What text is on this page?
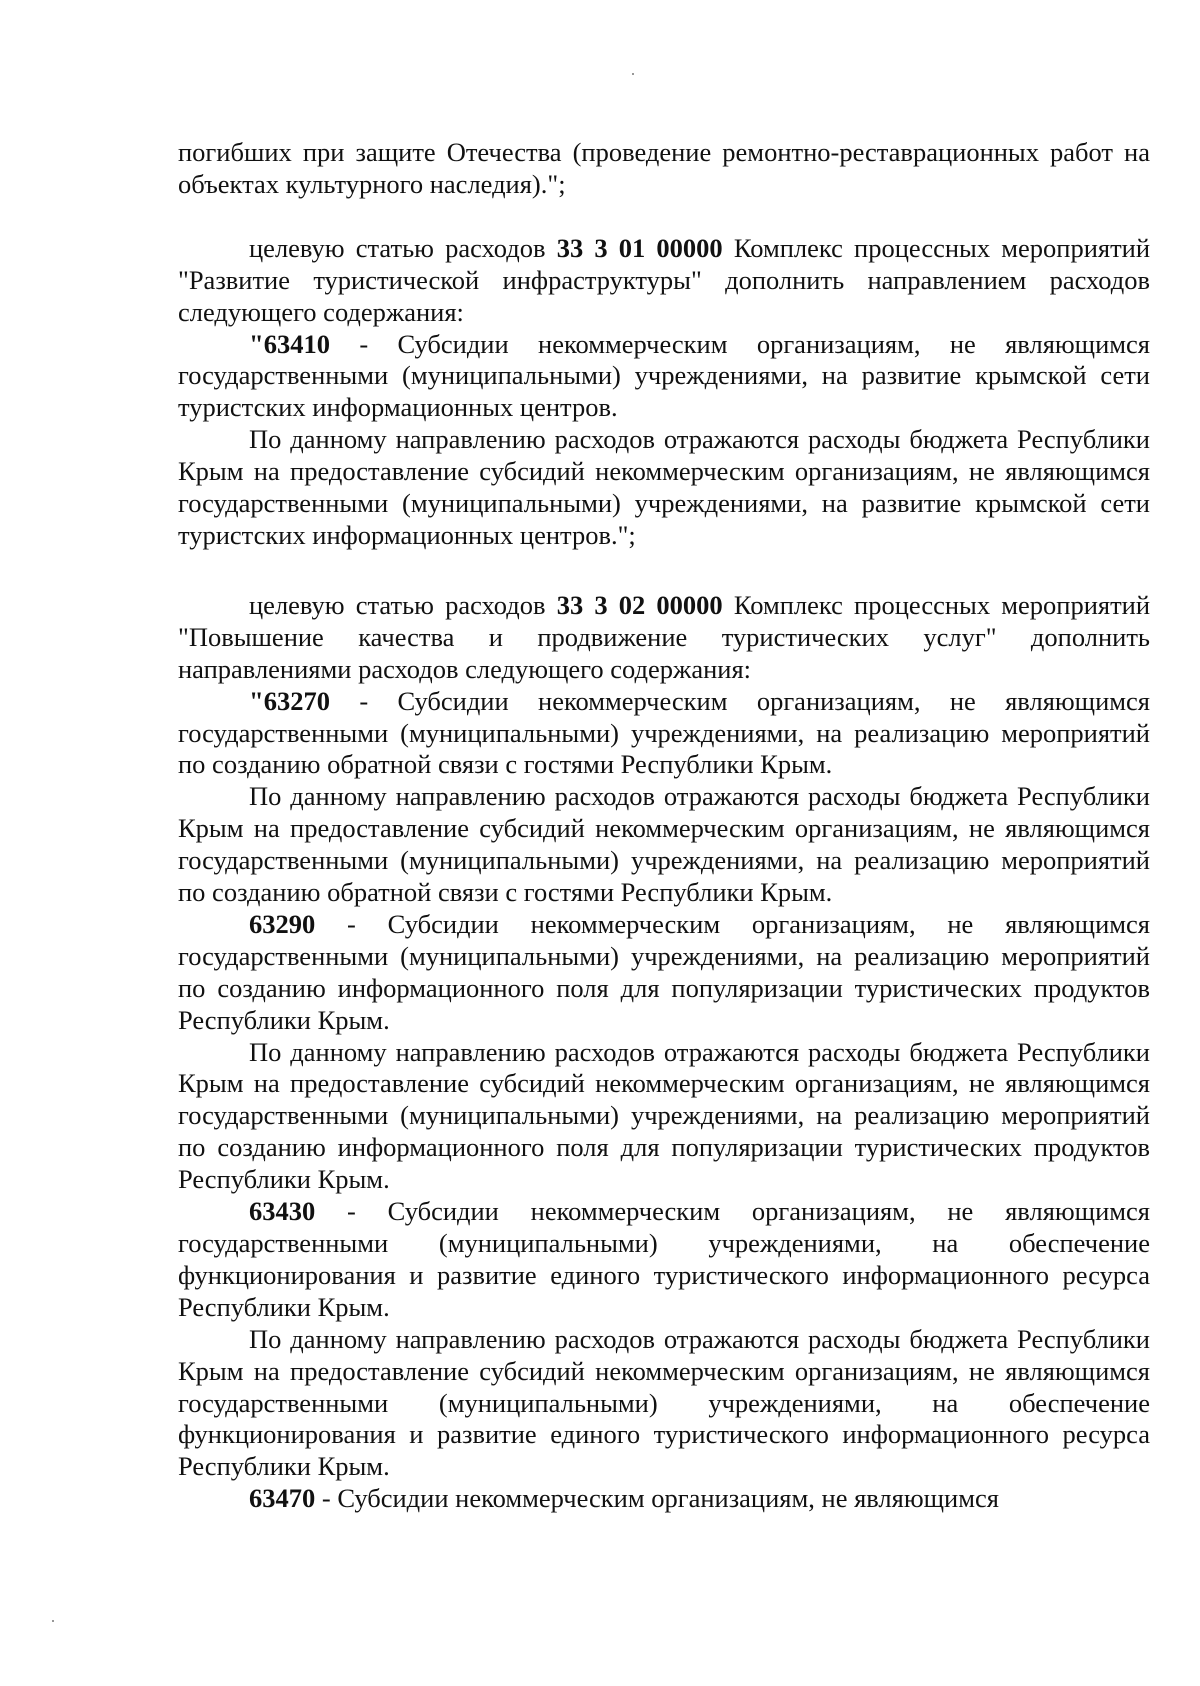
погибших при защите Отечества (проведение ремонтно-реставрационных работ на объектах культурного наследия).";

целевую статью расходов 33 3 01 00000 Комплекс процессных мероприятий "Развитие туристической инфраструктуры" дополнить направлением расходов следующего содержания:

"63410 - Субсидии некоммерческим организациям, не являющимся государственными (муниципальными) учреждениями, на развитие крымской сети туристских информационных центров.

По данному направлению расходов отражаются расходы бюджета Республики Крым на предоставление субсидий некоммерческим организациям, не являющимся государственными (муниципальными) учреждениями, на развитие крымской сети туристских информационных центров.";

целевую статью расходов 33 3 02 00000 Комплекс процессных мероприятий "Повышение качества и продвижение туристических услуг" дополнить направлениями расходов следующего содержания:

"63270 - Субсидии некоммерческим организациям, не являющимся государственными (муниципальными) учреждениями, на реализацию мероприятий по созданию обратной связи с гостями Республики Крым.

По данному направлению расходов отражаются расходы бюджета Республики Крым на предоставление субсидий некоммерческим организациям, не являющимся государственными (муниципальными) учреждениями, на реализацию мероприятий по созданию обратной связи с гостями Республики Крым.

63290 - Субсидии некоммерческим организациям, не являющимся государственными (муниципальными) учреждениями, на реализацию мероприятий по созданию информационного поля для популяризации туристических продуктов Республики Крым.

По данному направлению расходов отражаются расходы бюджета Республики Крым на предоставление субсидий некоммерческим организациям, не являющимся государственными (муниципальными) учреждениями, на реализацию мероприятий по созданию информационного поля для популяризации туристических продуктов Республики Крым.

63430 - Субсидии некоммерческим организациям, не являющимся государственными (муниципальными) учреждениями, на обеспечение функционирования и развитие единого туристического информационного ресурса Республики Крым.

По данному направлению расходов отражаются расходы бюджета Республики Крым на предоставление субсидий некоммерческим организациям, не являющимся государственными (муниципальными) учреждениями, на обеспечение функционирования и развитие единого туристического информационного ресурса Республики Крым.

63470 - Субсидии некоммерческим организациям, не являющимся
